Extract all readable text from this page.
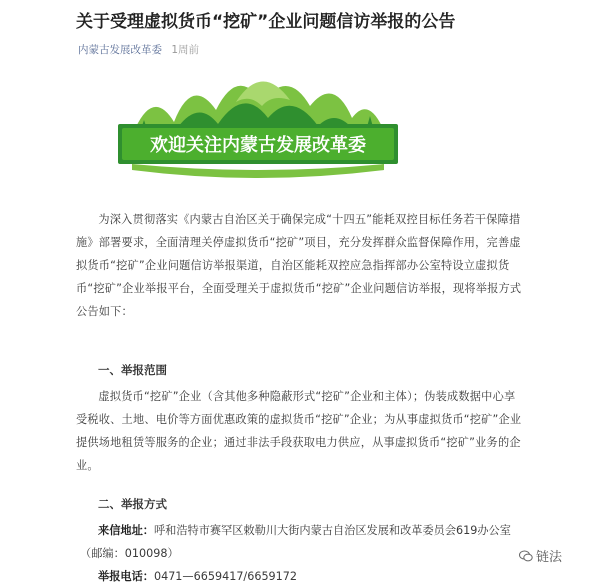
关于受理虚拟货币“挖矿”企业问题信访举报的公告
内蒙古发展改革委 1周前
欢迎关注内蒙古发展改革委
为深入贯彻落实《内蒙古自治区关于确保完成“十四五”能耗双控目标任务若干保障措施》部署要求，全面清理关停虚拟货币“挖矿”项目，充分发挥群众监督保障作用，完善虚拟货币“挖矿”企业问题信访举报渠道，自治区能耗双控应急指挥部办公室特设立虚拟货币“挖矿”企业举报平台，全面受理关于虚拟货币“挖矿”企业问题信访举报，现将举报方式公告如下：
一、举报范围
虚拟货币“挖矿”企业（含其他多种隐蔽形式“挖矿”企业和主体）；伪装成数据中心享受税收、土地、电价等方面优惠政策的虚拟货币“挖矿”企业；为从事虚拟货币“挖矿”企业提供场地租赁等服务的企业；通过非法手段获取电力供应，从事虚拟货币“挖矿”业务的企业。
二、举报方式
来信地址：呼和浩特市赛罕区敕勒川大街内蒙古自治区发展和改革委员会619办公室
（邮编：010098）
举报电话：0471—6659417/6659172
链法
